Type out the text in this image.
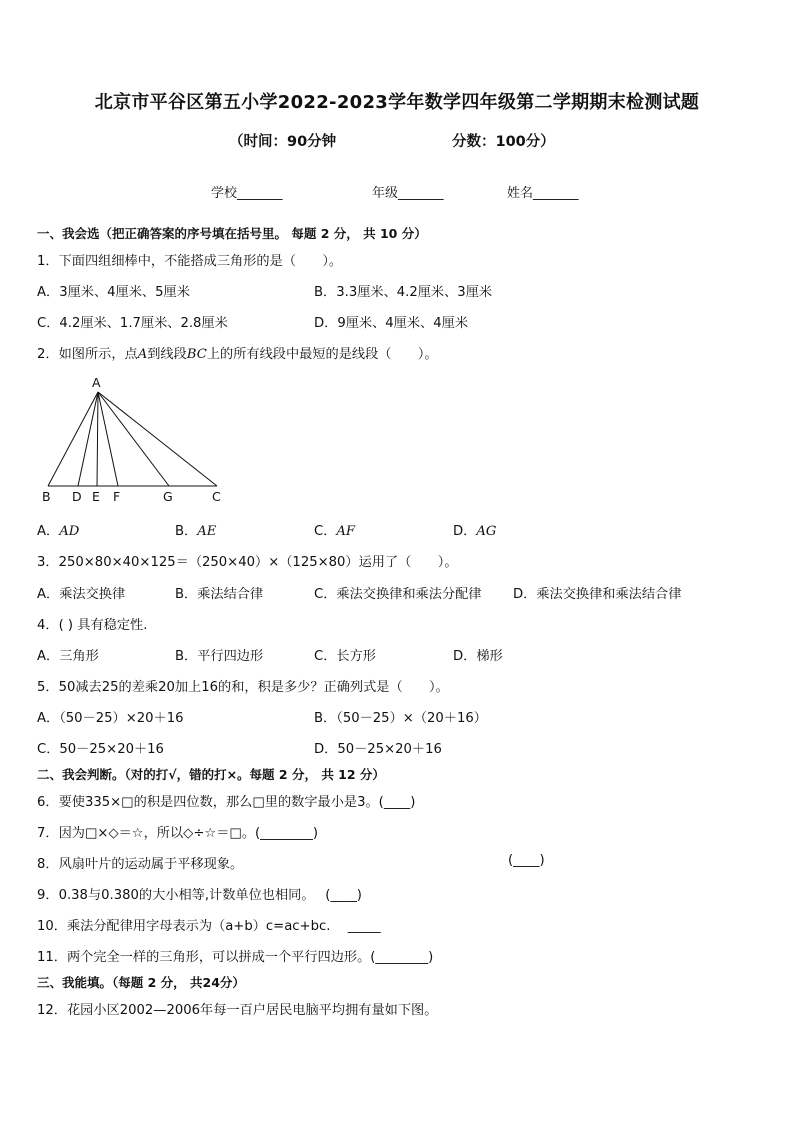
北京市平谷区第五小学2022-2023学年数学四年级第二学期期末检测试题
（时间：90分钟	分数：100分）
学校_______	年级_______	姓名_______
一、我会选（把正确答案的序号填在括号里。 每题 2 分， 共 10 分）
1．下面四组细棒中，不能搭成三角形的是（　　）。
A．3厘米、4厘米、5厘米	B．3.3厘米、4.2厘米、3厘米
C．4.2厘米、1.7厘米、2.8厘米	D．9厘米、4厘米、4厘米
2．如图所示，点A到线段BC上的所有线段中最短的是线段（　　）。
A
B D E F	G	C
A．AD	B．AE	C．AF	D．AG
3．250×80×40×125＝（250×40）×（125×80）运用了（　　）。
A．乘法交换律	B．乘法结合律	C．乘法交换律和乘法分配律 D．乘法交换律和乘法结合律
4．( ) 具有稳定性.
A．三角形	B．平行四边形	C．长方形	D．梯形
5．50减去25的差乘20加上16的和，积是多少？正确列式是（　　）。
A．（50－25）×20＋16	B．（50－25）×（20＋16）
C．50－25×20＋16	D．50－25×20＋16
二、我会判断。（对的打√，错的打×。每题 2 分， 共 12 分）
6．要使335×□的积是四位数，那么□里的数字最小是3。(____)
7．因为□×◇＝☆，所以◇÷☆＝□。(________)
8．风扇叶片的运动属于平移现象。	(____)
9．0.38与0.380的大小相等,计数单位也相同。　 (____)
10．乘法分配律用字母表示为（a+b）c=ac+bc.　 _____
11．两个完全一样的三角形，可以拼成一个平行四边形。(________)
三、我能填。（每题 2 分， 共24分）
12．花园小区2002—2006年每一百户居民电脑平均拥有量如下图。
